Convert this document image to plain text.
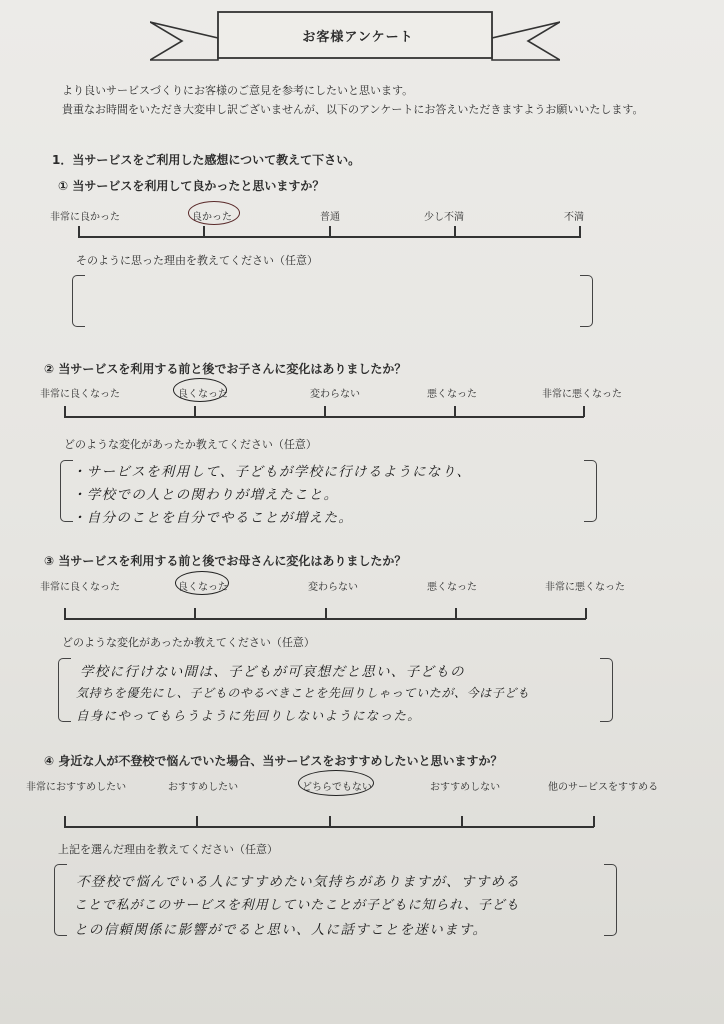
お客様アンケート
より良いサービスづくりにお客様のご意見を参考にしたいと思います。
貴重なお時間をいただき大変申し訳ございませんが、以下のアンケートにお答えいただきますようお願いいたします。
1．当サービスをご利用した感想について教えて下さい。
① 当サービスを利用して良かったと思いますか？
非常に良かった	良かった	普通	少し不満	不満
そのように思った理由を教えてください（任意）
② 当サービスを利用する前と後でお子さんに変化はありましたか？
非常に良くなった	良くなった	変わらない	悪くなった	非常に悪くなった
どのような変化があったか教えてください（任意）
・サービスを利用して、子どもが学校に行けるようになり、
・学校での人との関わりが増えたこと。
・自分のことを自分でやることが増えた。
③ 当サービスを利用する前と後でお母さんに変化はありましたか？
非常に良くなった	良くなった	変わらない	悪くなった	非常に悪くなった
どのような変化があったか教えてください（任意）
学校に行けない間は、子どもが可哀想だと思い、子どもの
気持ちを優先にし、子どものやるべきことを先回りしゃっていたが、今は子ども
自身にやってもらうように先回りしないようになった。
④ 身近な人が不登校で悩んでいた場合、当サービスをおすすめしたいと思いますか？
非常におすすめしたい	おすすめしたい	どちらでもない	おすすめしない	他のサービスをすすめる
上記を選んだ理由を教えてください（任意）
不登校で悩んでいる人にすすめたい気持ちがありますが、すすめる
ことで私がこのサービスを利用していたことが子どもに知られ、子ども
との信頼関係に影響がでると思い、人に話すことを迷います。
